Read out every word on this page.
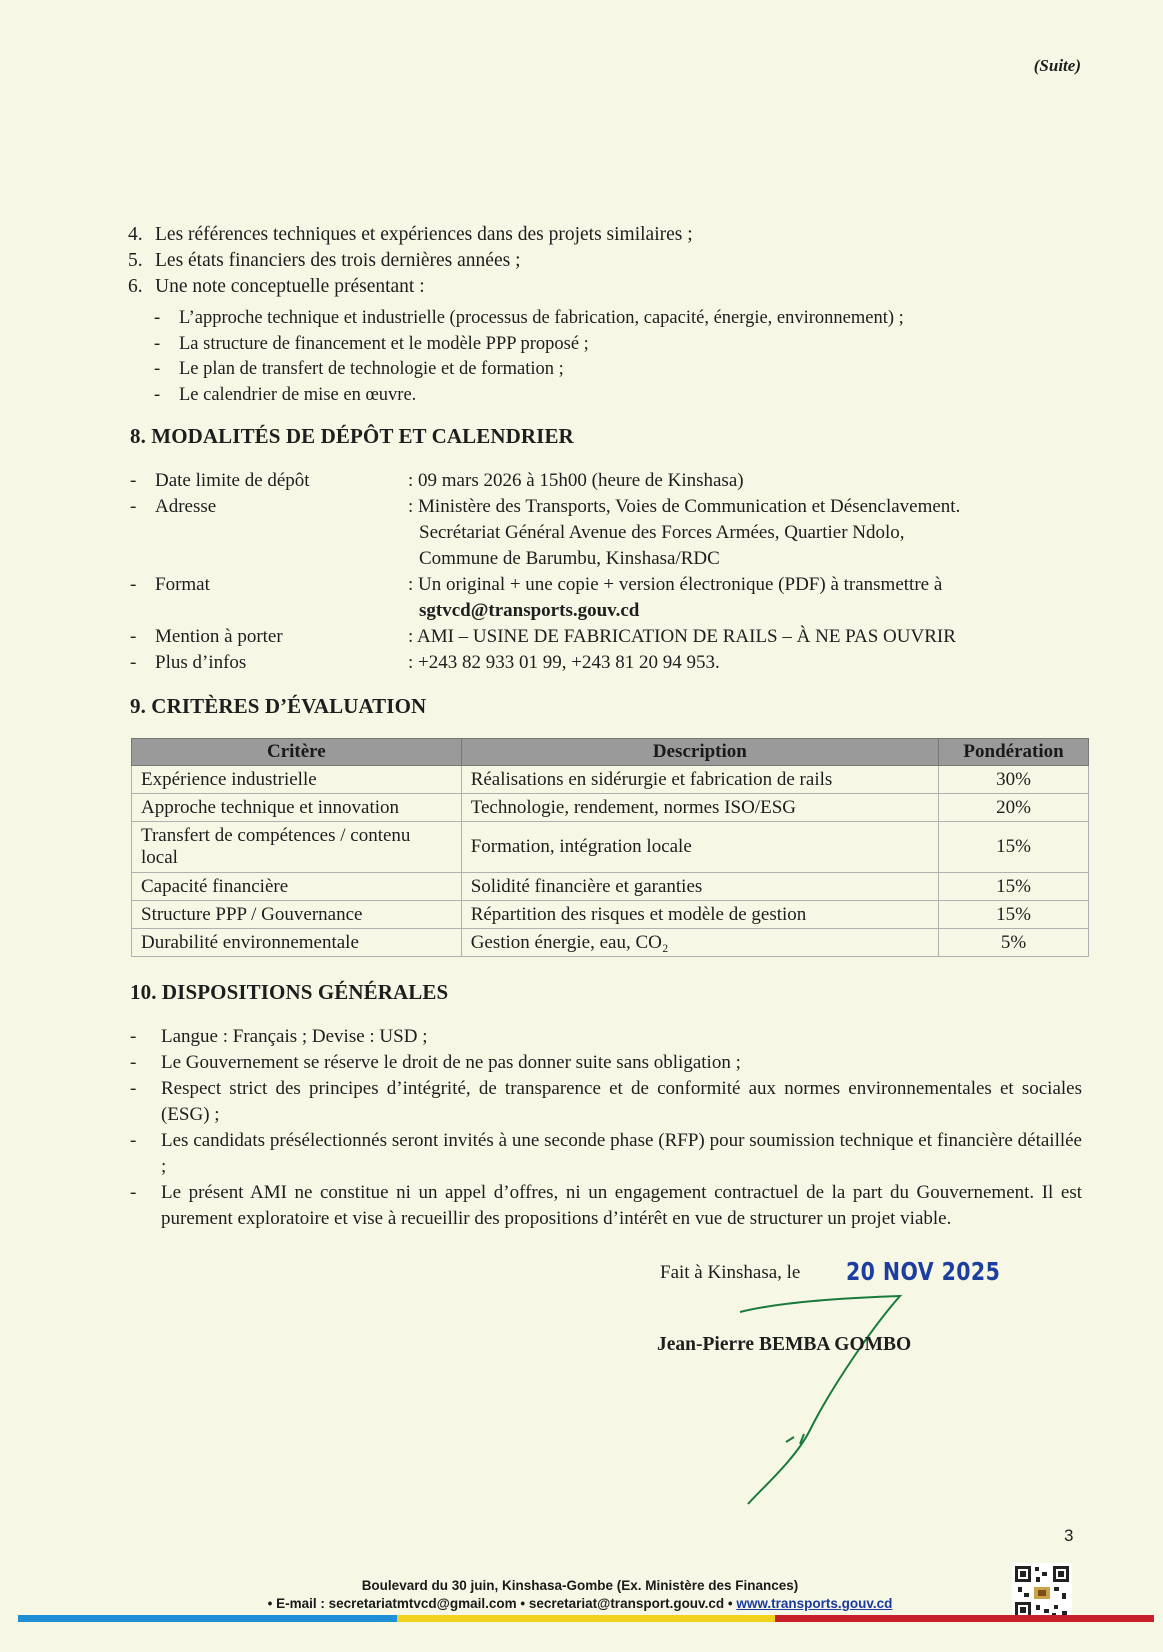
(Suite)
4. Les références techniques et expériences dans des projets similaires ;
5. Les états financiers des trois dernières années ;
6. Une note conceptuelle présentant :
-	L’approche technique et industrielle (processus de fabrication, capacité, énergie, environnement) ;
-	La structure de financement et le modèle PPP proposé ;
-	Le plan de transfert de technologie et de formation ;
-	Le calendrier de mise en œuvre.
8. MODALITÉS DE DÉPÔT ET CALENDRIER
- Date limite de dépôt	: 09 mars 2026 à 15h00 (heure de Kinshasa)
- Adresse	: Ministère des Transports, Voies de Communication et Désenclavement.
Secrétariat Général Avenue des Forces Armées, Quartier Ndolo,
Commune de Barumbu, Kinshasa/RDC
- Format	: Un original + une copie + version électronique (PDF) à transmettre à
sgtvcd@transports.gouv.cd
- Mention à porter	: AMI – USINE DE FABRICATION DE RAILS – À NE PAS OUVRIR
- Plus d’infos	: +243 82 933 01 99, +243 81 20 94 953.
9. CRITÈRES D’ÉVALUATION
Critère	Description	Pondération
Expérience industrielle	Réalisations en sidérurgie et fabrication de rails	30%
Approche technique et innovation	Technologie, rendement, normes ISO/ESG	20%
Transfert de compétences / contenu local	Formation, intégration locale	15%
Capacité financière	Solidité financière et garanties	15%
Structure PPP / Gouvernance	Répartition des risques et modèle de gestion	15%
Durabilité environnementale	Gestion énergie, eau, CO₂	5%
10. DISPOSITIONS GÉNÉRALES
-	Langue : Français ; Devise : USD ;
-	Le Gouvernement se réserve le droit de ne pas donner suite sans obligation ;
-	Respect strict des principes d’intégrité, de transparence et de conformité aux normes environnementales et sociales (ESG) ;
-	Les candidats présélectionnés seront invités à une seconde phase (RFP) pour soumission technique et financière détaillée ;
-	Le présent AMI ne constitue ni un appel d’offres, ni un engagement contractuel de la part du Gouvernement. Il est purement exploratoire et vise à recueillir des propositions d’intérêt en vue de structurer un projet viable.
Fait à Kinshasa, le 20 NOV 2025
Jean-Pierre BEMBA GOMBO
3
Boulevard du 30 juin, Kinshasa-Gombe (Ex. Ministère des Finances)
• E-mail : secretariatmtvcd@gmail.com • secretariat@transport.gouv.cd • www.transports.gouv.cd
